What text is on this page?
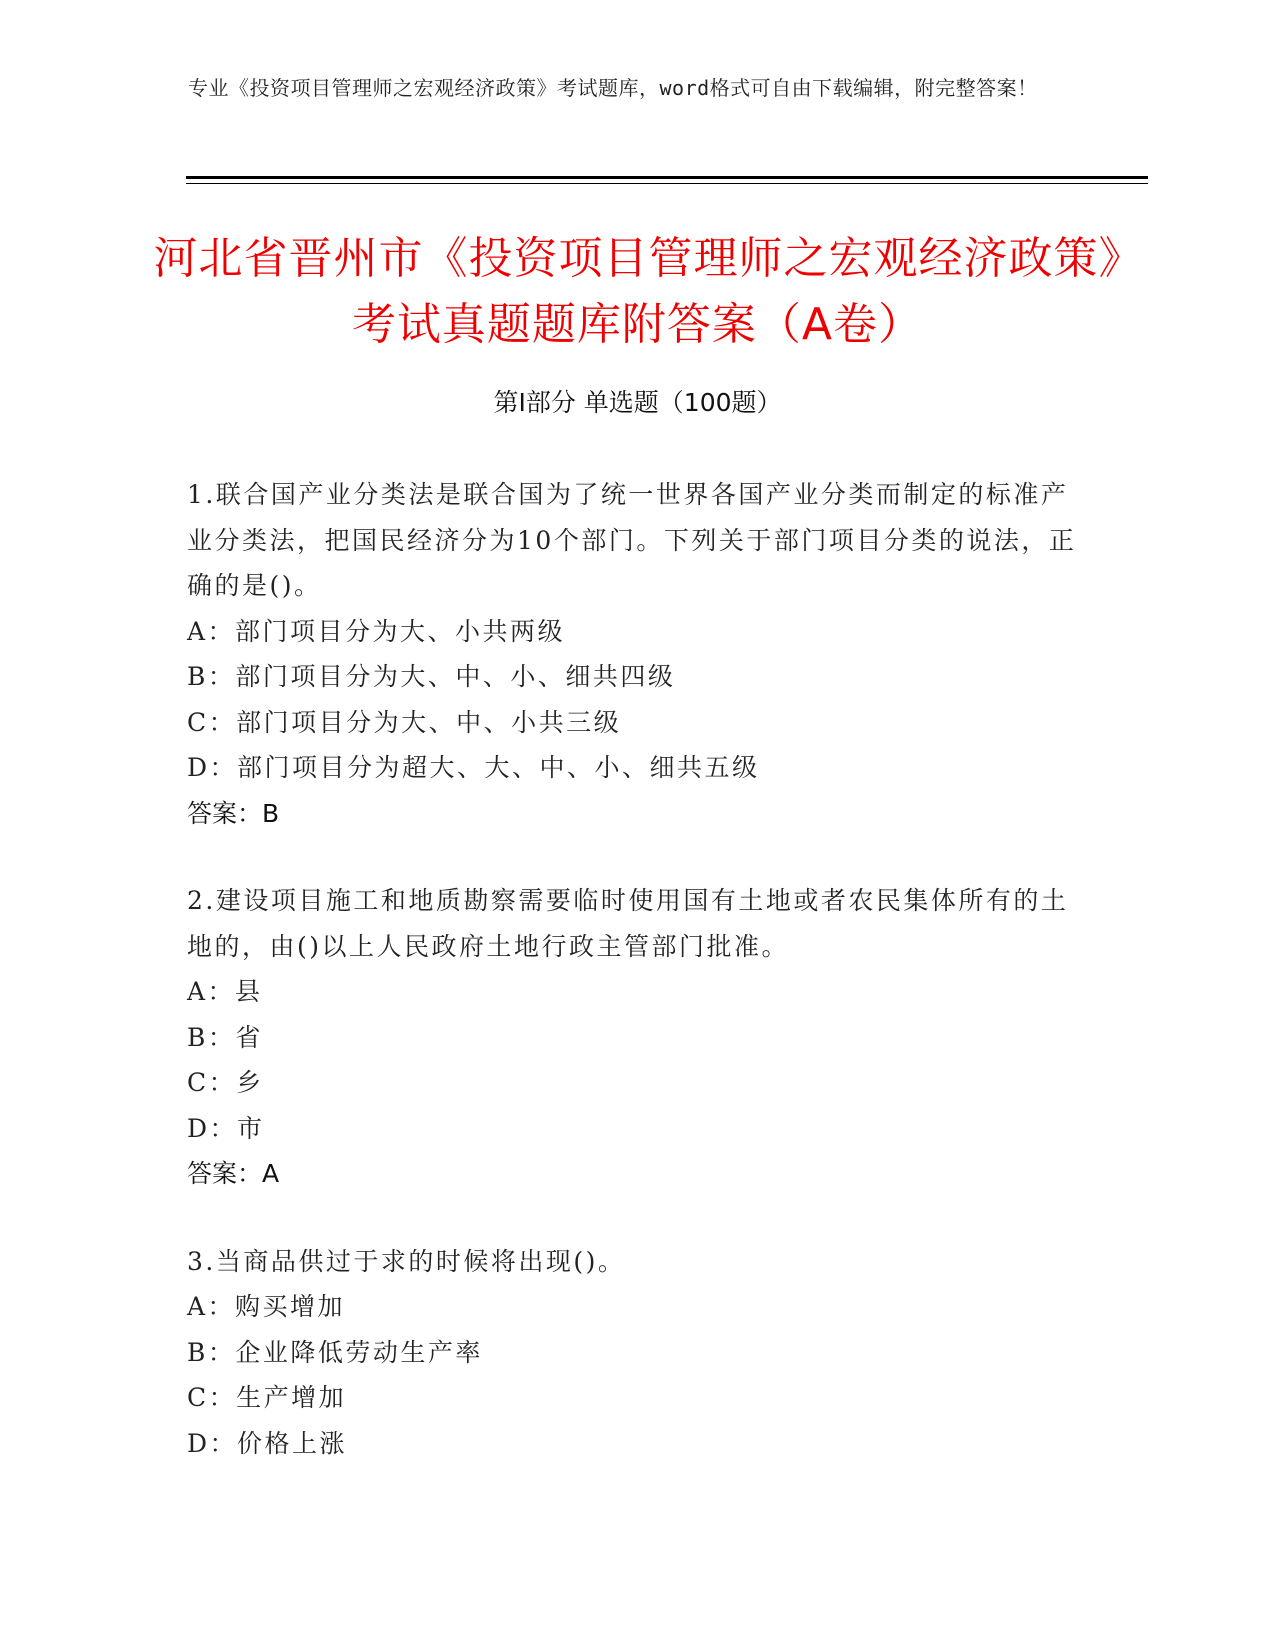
专业《投资项目管理师之宏观经济政策》考试题库，word格式可自由下载编辑，附完整答案！
河北省晋州市《投资项目管理师之宏观经济政策》考试真题题库附答案（A卷）
第I部分 单选题（100题）

1.联合国产业分类法是联合国为了统一世界各国产业分类而制定的标准产业分类法，把国民经济分为10个部门。下列关于部门项目分类的说法，正确的是()。

A：部门项目分为大、小共两级

B：部门项目分为大、中、小、细共四级

C：部门项目分为大、中、小共三级

D：部门项目分为超大、大、中、小、细共五级

答案：B

2.建设项目施工和地质勘察需要临时使用国有土地或者农民集体所有的土地的，由()以上人民政府土地行政主管部门批准。

A：县

B：省

C：乡

D：市

答案：A

3.当商品供过于求的时候将出现()。

A：购买增加

B：企业降低劳动生产率

C：生产增加

D：价格上涨
